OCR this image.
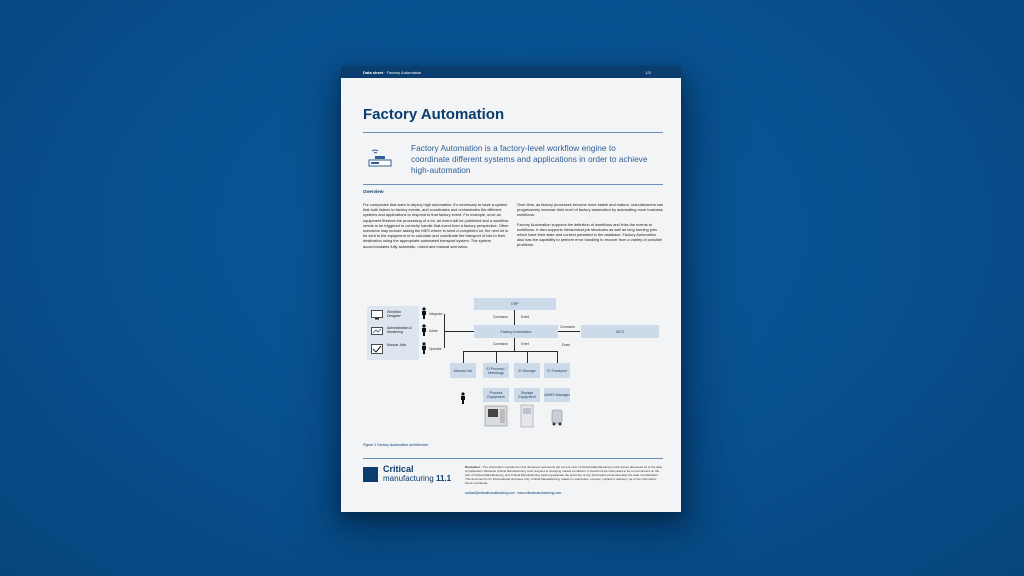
Data sheet · Factory Automation	1/2
Factory Automation
Factory Automation is a factory-level workflow engine to coordinate different systems and applications in order to achieve high-automation
Overview

For companies that want to deploy high automation, it's necessary to have a system that both listens to factory events, and coordinates and orchestrates the different systems and applications to respond to that factory event. For example, once an equipment finishes the processing of a lot, an event will be published and a workflow needs to be triggered to correctly handle that event from a factory perspective. Other scenarios may include asking the MES where to send a completed lot, the next lot to be sent to the equipment or to calculate and coordinate the transport of lots to their destination using the appropriate automated transport system. The system accommodates fully automatic, mixed and manual scenarios.

Over time, as factory processes become more stable and mature, manufacturers can progressively increase their level of factory automation by automating more business workflows.

Factory Automation supports the definition of workflows and links the events to workflows. It also supports hierarchical job structures as well as long running jobs which have their state and context persisted in the database. Factory Automation also has the capability to perform error handling to recover from a variety of possible problems.

Workflow Designer
Administration & Monitoring
Manual Jobs
Integrator
Admin
Operator
ERP
Command	Event
Factory Automation
Command
Event
MCS
Command	Event
Manual Job	EI Process / Metrology	EI Storage	EI Transport
Process Equipment
Storage Equipment	AMHS Manager
Figure 1 Factory Automation architecture
Critical
manufacturing 11.1
Disclaimer - The information contained in this document represents the current view of Critical Manufacturing on the issues discussed as of the date of publication. Because Critical Manufacturing must respond to changing market conditions, it should not be interpreted to be a commitment on the part of Critical Manufacturing, and Critical Manufacturing cannot guarantee the accuracy of any information presented after the date of publication. This document is for informational purposes only. Critical Manufacturing makes no warranties, express, implied or statutory, as to the information herein contained.
contact@criticalmanufacturing.com · www.criticalmanufacturing.com
